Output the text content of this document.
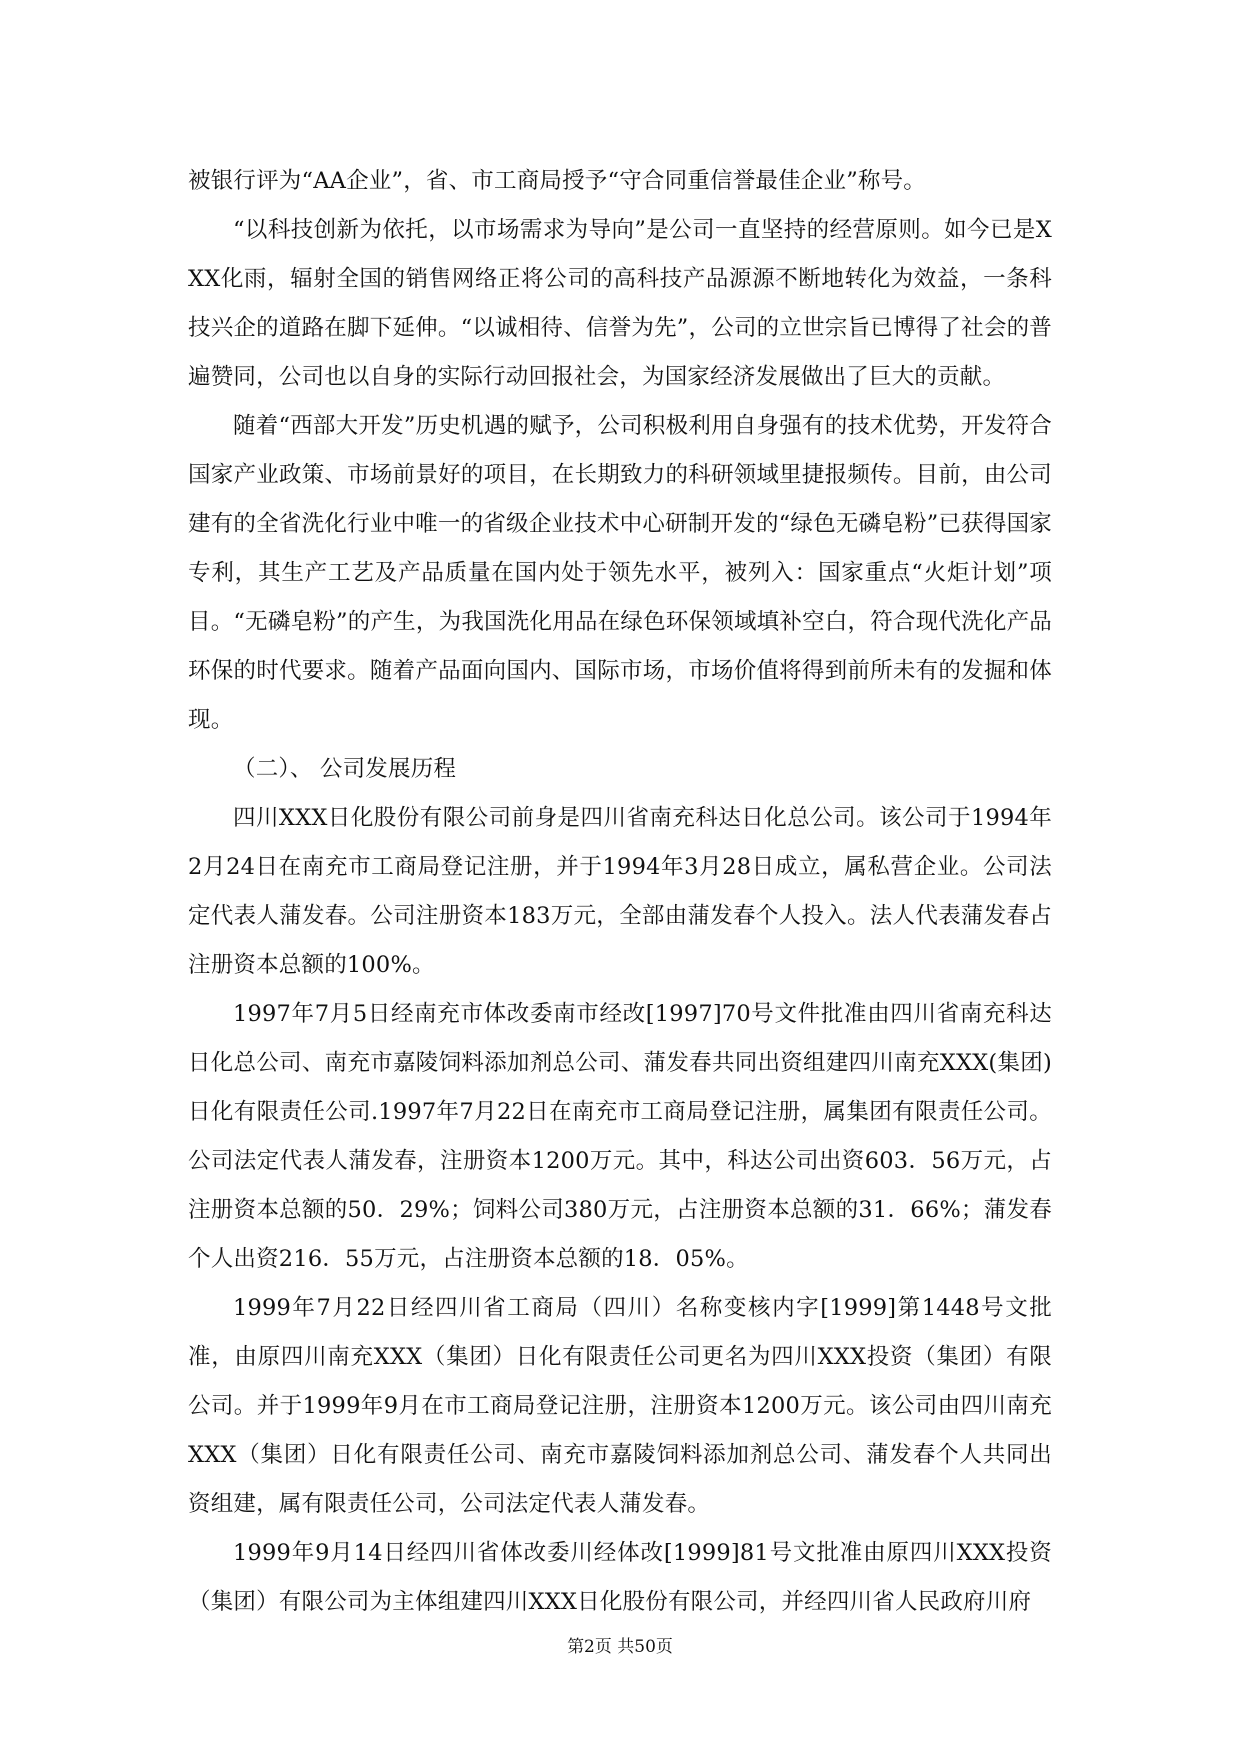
被银行评为“AA企业”，省、市工商局授予“守合同重信誉最佳企业”称号。

“以科技创新为依托，以市场需求为导向”是公司一直坚持的经营原则。如今已是XXX化雨，辐射全国的销售网络正将公司的高科技产品源源不断地转化为效益，一条科技兴企的道路在脚下延伸。“以诚相待、信誉为先”，公司的立世宗旨已博得了社会的普遍赞同，公司也以自身的实际行动回报社会，为国家经济发展做出了巨大的贡献。

随着“西部大开发”历史机遇的赋予，公司积极利用自身强有的技术优势，开发符合国家产业政策、市场前景好的项目，在长期致力的科研领域里捷报频传。目前，由公司建有的全省洗化行业中唯一的省级企业技术中心研制开发的“绿色无磷皂粉”已获得国家专利，其生产工艺及产品质量在国内处于领先水平，被列入：国家重点“火炬计划”项目。“无磷皂粉”的产生，为我国洗化用品在绿色环保领域填补空白，符合现代洗化产品环保的时代要求。随着产品面向国内、国际市场，市场价值将得到前所未有的发掘和体现。

（二）、 公司发展历程

四川XXX日化股份有限公司前身是四川省南充科达日化总公司。该公司于1994年2月24日在南充市工商局登记注册，并于1994年3月28日成立，属私营企业。公司法定代表人蒲发春。公司注册资本183万元，全部由蒲发春个人投入。法人代表蒲发春占注册资本总额的100%。

1997年7月5日经南充市体改委南市经改[1997]70号文件批准由四川省南充科达日化总公司、南充市嘉陵饲料添加剂总公司、蒲发春共同出资组建四川南充XXX(集团)日化有限责任公司.1997年7月22日在南充市工商局登记注册，属集团有限责任公司。公司法定代表人蒲发春，注册资本1200万元。其中，科达公司出资603．56万元，占注册资本总额的50．29%；饲料公司380万元，占注册资本总额的31．66%；蒲发春个人出资216．55万元，占注册资本总额的18．05%。

1999年7月22日经四川省工商局（四川）名称变核内字[1999]第1448号文批准，由原四川南充XXX（集团）日化有限责任公司更名为四川XXX投资（集团）有限公司。并于1999年9月在市工商局登记注册，注册资本1200万元。该公司由四川南充XXX（集团）日化有限责任公司、南充市嘉陵饲料添加剂总公司、蒲发春个人共同出资组建，属有限责任公司，公司法定代表人蒲发春。

1999年9月14日经四川省体改委川经体改[1999]81号文批准由原四川XXX投资（集团）有限公司为主体组建四川XXX日化股份有限公司，并经四川省人民政府川府

第2页 共50页
